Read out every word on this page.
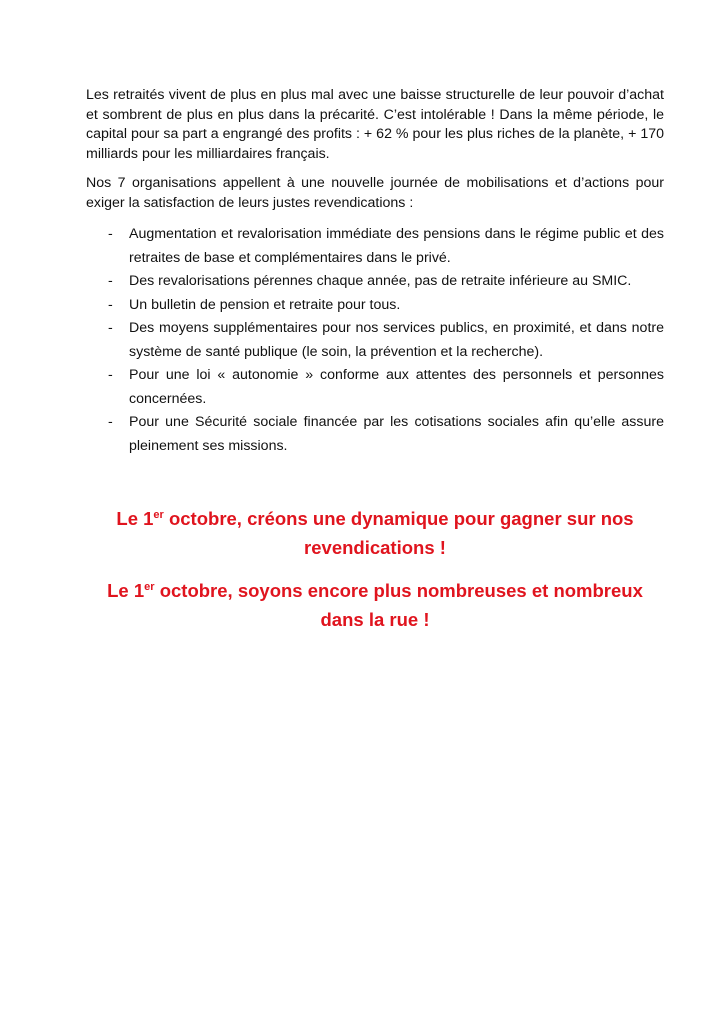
Les retraités vivent de plus en plus mal avec une baisse structurelle de leur pouvoir d’achat et sombrent de plus en plus dans la précarité. C’est intolérable ! Dans la même période, le capital pour sa part a engrangé des profits : + 62 % pour les plus riches de la planète, + 170 milliards pour les milliardaires français.

Nos 7 organisations appellent à une nouvelle journée de mobilisations et d’actions pour exiger la satisfaction de leurs justes revendications :

- Augmentation et revalorisation immédiate des pensions dans le régime public et des retraites de base et complémentaires dans le privé.
- Des revalorisations pérennes chaque année, pas de retraite inférieure au SMIC.
- Un bulletin de pension et retraite pour tous.
- Des moyens supplémentaires pour nos services publics, en proximité, et dans notre système de santé publique (le soin, la prévention et la recherche).
- Pour une loi « autonomie » conforme aux attentes des personnels et personnes concernées.
- Pour une Sécurité sociale financée par les cotisations sociales afin qu’elle assure pleinement ses missions.

Le 1er octobre, créons une dynamique pour gagner sur nos revendications !

Le 1er octobre, soyons encore plus nombreuses et nombreux dans la rue !
